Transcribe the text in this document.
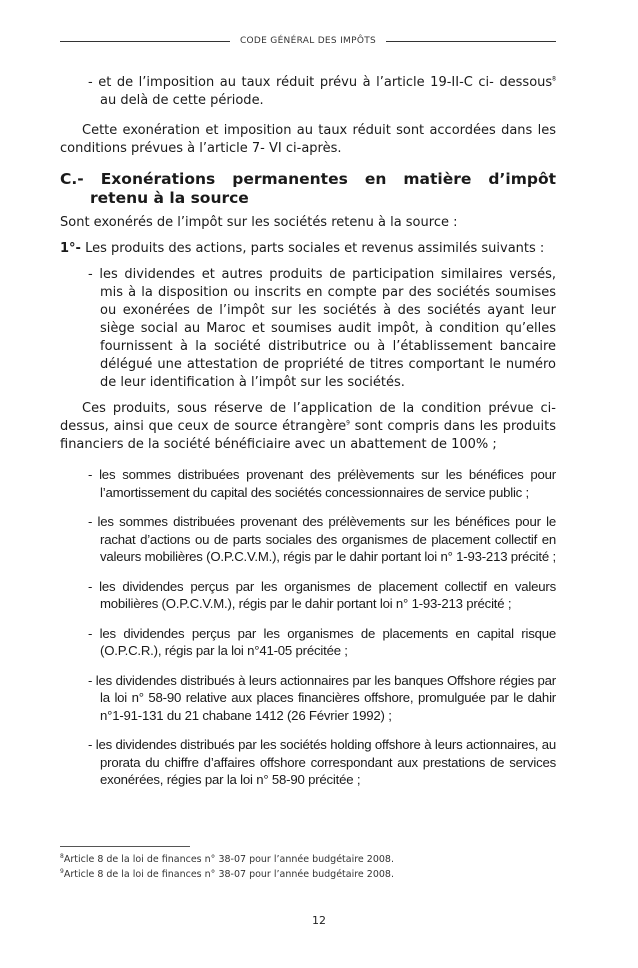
CODE GÉNÉRAL DES IMPÔTS

- et de l’imposition au taux réduit prévu à l’article 19-II-C ci- dessous$^8$ au delà de cette période.

Cette exonération et imposition au taux réduit sont accordées dans les conditions prévues à l’article 7- VI ci-après.

C.- Exonérations permanentes en matière d’impôt retenu à la source

Sont exonérés de l’impôt sur les sociétés retenu à la source :

1°- Les produits des actions, parts sociales et revenus assimilés suivants :

- les dividendes et autres produits de participation similaires versés, mis à la disposition ou inscrits en compte par des sociétés soumises ou exonérées de l’impôt sur les sociétés à des sociétés ayant leur siège social au Maroc et soumises audit impôt, à condition qu’elles fournissent à la société distributrice ou à l’établissement bancaire délégué une attestation de propriété de titres comportant le numéro de leur identification à l’impôt sur les sociétés.

Ces produits, sous réserve de l’application de la condition prévue ci-dessus, ainsi que ceux de source étrangère$^9$ sont compris dans les produits financiers de la société bénéficiaire avec un abattement de 100% ;

- les sommes distribuées provenant des prélèvements sur les bénéfices pour l’amortissement du capital des sociétés concessionnaires de service public ;

- les sommes distribuées provenant des prélèvements sur les bénéfices pour le rachat d’actions ou de parts sociales des organismes de placement collectif en valeurs mobilières (O.P.C.V.M.), régis par le dahir portant loi n° 1-93-213 précité ;

- les dividendes perçus par les organismes de placement collectif en valeurs mobilières (O.P.C.V.M.), régis par le dahir portant loi n° 1-93-213 précité ;

- les dividendes perçus par les organismes de placements en capital risque (O.P.C.R.), régis par la loi n°41-05 précitée ;

- les dividendes distribués à leurs actionnaires par les banques Offshore régies par la loi n° 58-90 relative aux places financières offshore, promulguée par le dahir n°1-91-131 du 21 chabane 1412 (26 Février 1992) ;

- les dividendes distribués par les sociétés holding offshore à leurs actionnaires, au prorata du chiffre d’affaires offshore correspondant aux prestations de services exonérées, régies par la loi n° 58-90 précitée ;

$^8$Article 8 de la loi de finances n° 38-07 pour l’année budgétaire 2008.
$^9$Article 8 de la loi de finances n° 38-07 pour l’année budgétaire 2008.
12
